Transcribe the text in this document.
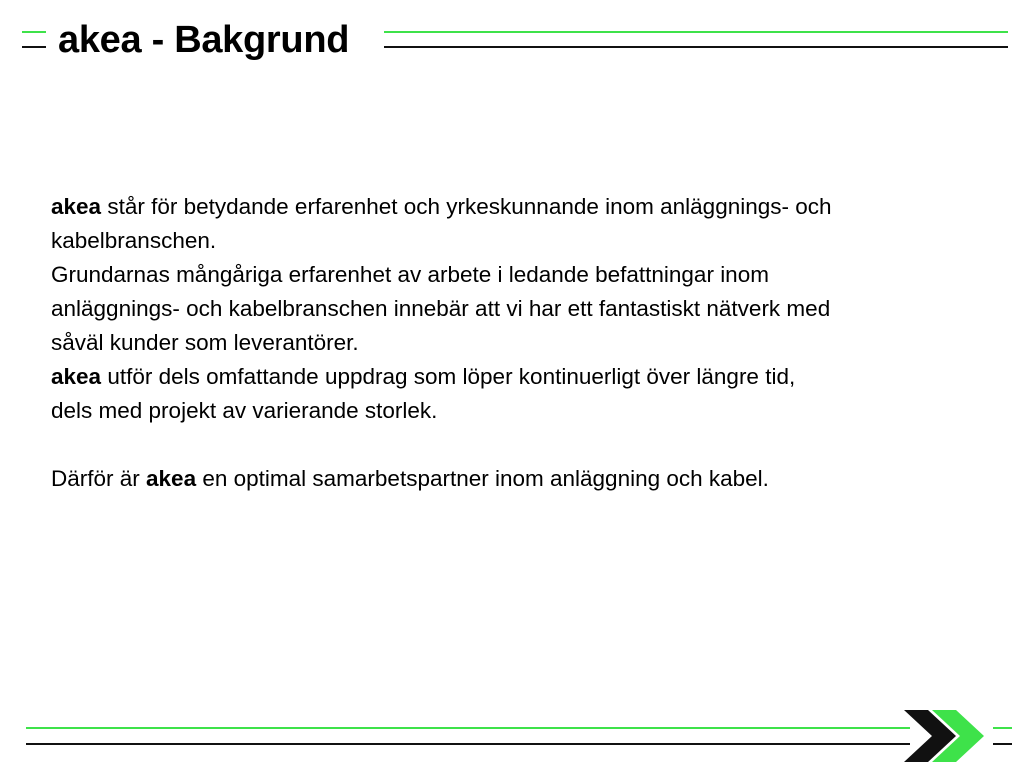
akea - Bakgrund

akea står för betydande erfarenhet och yrkeskunnande inom anläggnings- och kabelbranschen.

Grundarnas mångåriga erfarenhet av arbete i ledande befattningar inom anläggnings- och kabelbranschen innebär att vi har ett fantastiskt nätverk med såväl kunder som leverantörer.

akea utför dels omfattande uppdrag som löper kontinuerligt över längre tid, dels med projekt av varierande storlek.

Därför är akea en optimal samarbetspartner inom anläggning och kabel.
